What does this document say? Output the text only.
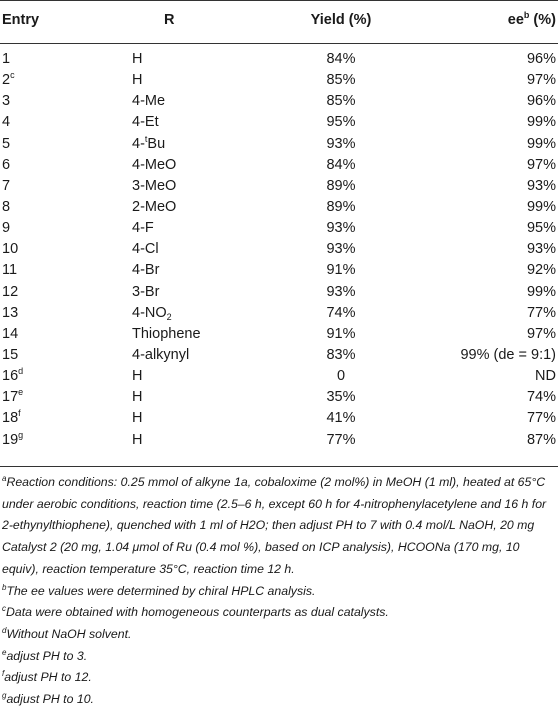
Entry	R	Yield (%)	$ee^b$ (%)
1	H	84%	96%
2$^c$	H	85%	97%
3	4-Me	85%	96%
4	4-Et	95%	99%
5	4-$^t$Bu	93%	99%
6	4-MeO	84%	97%
7	3-MeO	89%	93%
8	2-MeO	89%	99%
9	4-F	93%	95%
10	4-Cl	93%	93%
11	4-Br	91%	92%
12	3-Br	93%	99%
13	$4-NO_2$	74%	77%
14	Thiophene	91%	97%
15	4-alkynyl	83%	99% (de = 9:1)
16$^d$	H	0	ND
17e	H	35%	74%
18$^f$	H	41%	77%
19$^g$	H	77%	87%

$^a$Reaction conditions: 0.25 mmol of alkyne 1a, cobaloxime (2 mol%) in MeOH (1 ml), heated at 65°C under aerobic conditions, reaction time (2.5–6 h, except 60 h for 4-nitrophenylacetylene and 16 h for 2-ethynylthiophene), quenched with 1 ml of H2O; then adjust PH to 7 with 0.4 mol/L NaOH, 20 mg Catalyst 2 (20 mg, 1.04 μmol of Ru (0.4 mol %), based on ICP analysis), HCOONa (170 mg, 10 equiv), reaction temperature 35°C, reaction time 12 h.

$^b$The ee values were determined by chiral HPLC analysis.

$^c$Data were obtained with homogeneous counterparts as dual catalysts.

$^d$Without NaOH solvent.

$^e$adjust PH to 3.

$^f$adjust PH to 12.

$^g$adjust PH to 10.
